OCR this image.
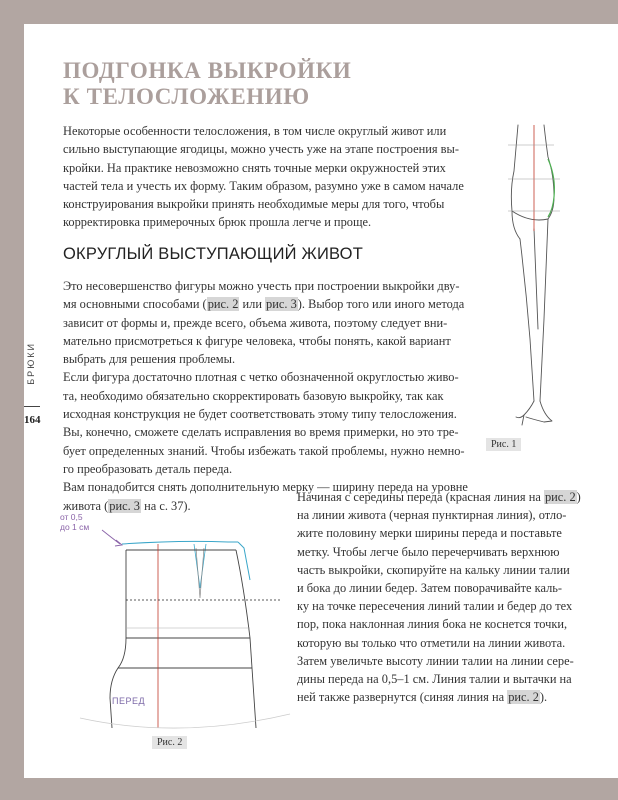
ПОДГОНКА ВЫКРОЙКИ
К ТЕЛОСЛОЖЕНИЮ

Некоторые особенности телосложения, в том числе округлый живот или
сильно выступающие ягодицы, можно учесть уже на этапе построения вы-
кройки. На практике невозможно снять точные мерки окружностей этих
частей тела и учесть их форму. Таким образом, разумно уже в самом начале
конструирования выкройки принять необходимые меры для того, чтобы
корректировка примерочных брюк прошла легче и проще.

ОКРУГЛЫЙ ВЫСТУПАЮЩИЙ ЖИВОТ
Это несовершенство фигуры можно учесть при построении выкройки дву-
мя основными способами (рис. 2 или рис. 3). Выбор того или иного метода
зависит от формы и, прежде всего, объема живота, поэтому следует вни-
мательно присмотреться к фигуре человека, чтобы понять, какой вариант
выбрать для решения проблемы.
Если фигура достаточно плотная с четко обозначенной округлостью живо-
та, необходимо обязательно скорректировать базовую выкройку, так как
исходная конструкция не будет соответствовать этому типу телосложения.
Вы, конечно, сможете сделать исправления во время примерки, но это тре-
бует определенных знаний. Чтобы избежать такой проблемы, нужно немно-
го преобразовать деталь переда.
Вам понадобится снять дополнительную мерку — ширину переда на уровне
живота (рис. 3 на с. 37).
Начиная с середины переда (красная линия на рис. 2)
на линии живота (черная пунктирная линия), отло-
жите половину мерки ширины переда и поставьте
метку. Чтобы легче было перечерчивать верхнюю
часть выкройки, скопируйте на кальку линии талии
и бока до линии бедер. Затем поворачивайте каль-
ку на точке пересечения линий талии и бедер до тех
пор, пока наклонная линия бока не коснется точки,
которую вы только что отметили на линии живота.
Затем увеличьте высоту линии талии на линии сере-
дины переда на 0,5–1 см. Линия талии и вытачки на
ней также развернутся (синяя линия на рис. 2).
БРЮКИ
164
Рис. 1
от 0,5
до 1 см
ПЕРЕД
Рис. 2
